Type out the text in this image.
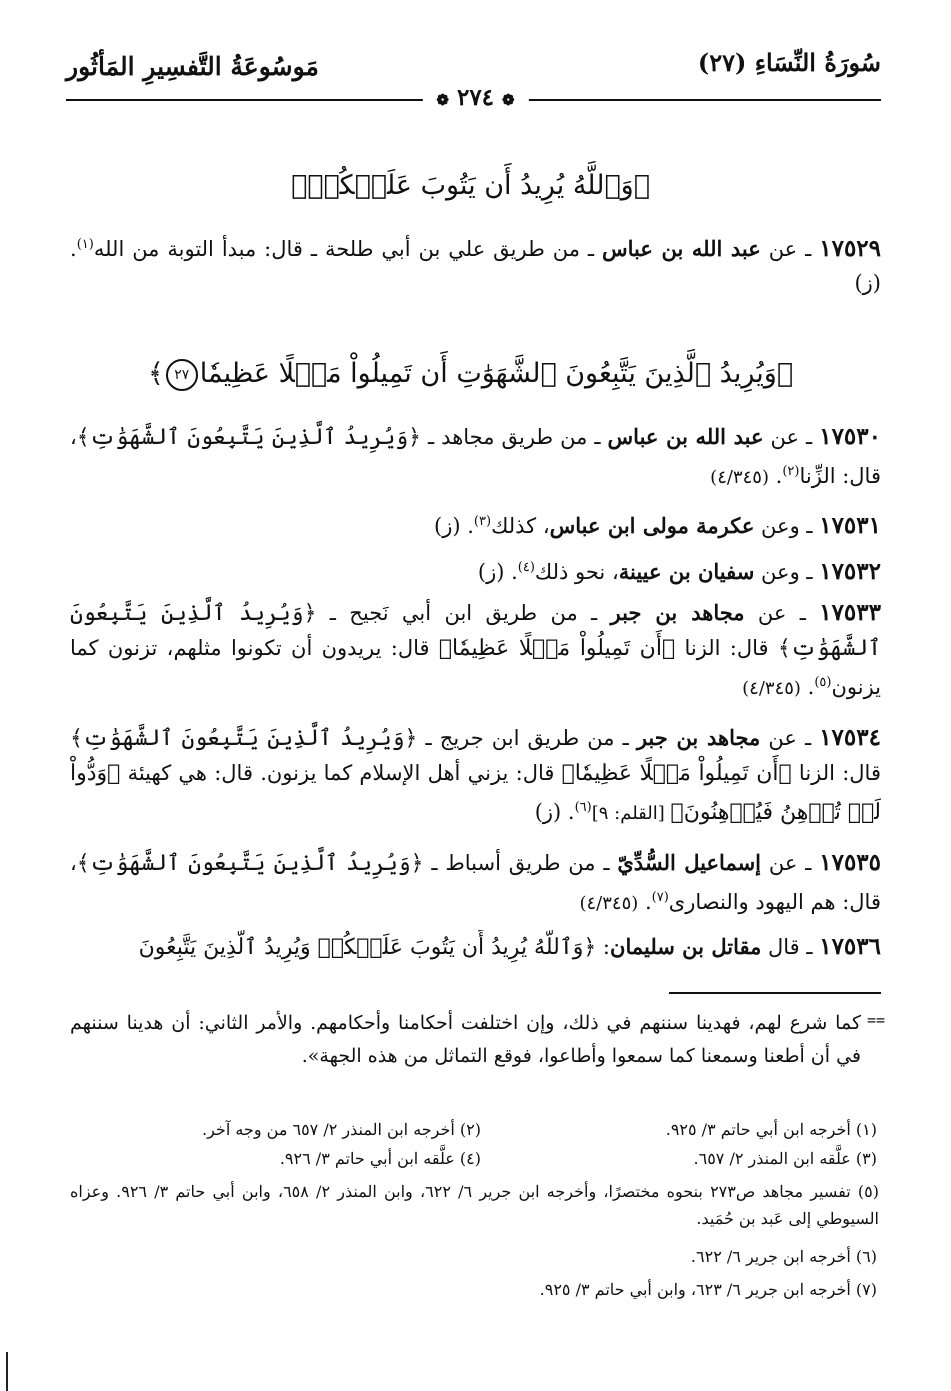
سُورَةُ النِّسَاءِ (٢٧)
مَوسُوعَةُ التَّفسِيرِ المَأثُور
❁ ٢٧٤ ❁
﴿وَٱللَّهُ يُرِيدُ أَن يَتُوبَ عَلَيۡكُمۡ﴾
١٧٥٢٩ ـ عن عبد الله بن عباس ـ من طريق علي بن أبي طلحة ـ قال: مبدأ التوبة من الله$^{(١)}$. (ز)
﴿وَيُرِيدُ ٱلَّذِينَ يَتَّبِعُونَ ٱلشَّهَوَٰتِ أَن تَمِيلُواْ مَيۡلًا عَظِيمٗا٢٧﴾
١٧٥٣٠ ـ عن عبد الله بن عباس ـ من طريق مجاهد ـ ﴿وَيُرِيدُ ٱلَّذِينَ يَتَّبِعُونَ ٱلشَّهَوَٰتِ﴾، قال: الزِّنا$^{(٢)}$. (٤/٣٤٥)
١٧٥٣١ ـ وعن عكرمة مولى ابن عباس، كذلك$^{(٣)}$. (ز)
١٧٥٣٢ ـ وعن سفيان بن عيينة، نحو ذلك$^{(٤)}$. (ز)
١٧٥٣٣ ـ عن مجاهد بن جبر ـ من طريق ابن أبي نَجيح ـ ﴿وَيُرِيدُ ٱلَّذِينَ يَتَّبِعُونَ ٱلشَّهَوَٰتِ﴾ قال: الزنا ﴿أَن تَمِيلُواْ مَيۡلًا عَظِيمٗا﴾ قال: يريدون أن تكونوا مثلهم، تزنون كما يزنون$^{(٥)}$. (٤/٣٤٥)
١٧٥٣٤ ـ عن مجاهد بن جبر ـ من طريق ابن جريج ـ ﴿وَيُرِيدُ ٱلَّذِينَ يَتَّبِعُونَ ٱلشَّهَوَٰتِ﴾ قال: الزنا ﴿أَن تَمِيلُواْ مَيۡلًا عَظِيمٗا﴾ قال: يزني أهل الإسلام كما يزنون. قال: هي كهيئة ﴿وَدُّواْ لَوۡ تُدۡهِنُ فَيُدۡهِنُونَ﴾ [القلم: ٩]$^{(٦)}$. (ز)
١٧٥٣٥ ـ عن إسماعيل السُّدِّيّ ـ من طريق أسباط ـ ﴿وَيُرِيدُ ٱلَّذِينَ يَتَّبِعُونَ ٱلشَّهَوَٰتِ﴾، قال: هم اليهود والنصارى$^{(٧)}$. (٤/٣٤٥)
١٧٥٣٦ ـ قال مقاتل بن سليمان: ﴿وَٱللَّهُ يُرِيدُ أَن يَتُوبَ عَلَيۡكُمۡ وَيُرِيدُ ٱلَّذِينَ يَتَّبِعُونَ
==
كما شرع لهم، فهدينا سننهم في ذلك، وإن اختلفت أحكامنا وأحكامهم. والأمر الثاني: أن هدينا سننهم في أن أطعنا وسمعنا كما سمعوا وأطاعوا، فوقع التماثل من هذه الجهة».
(١) أخرجه ابن أبي حاتم ٣/ ٩٢٥.
(٢) أخرجه ابن المنذر ٢/ ٦٥٧ من وجه آخر.
(٣) علَّقه ابن المنذر ٢/ ٦٥٧.
(٤) علَّقه ابن أبي حاتم ٣/ ٩٢٦.
(٥) تفسير مجاهد ص٢٧٣ بنحوه مختصرًا، وأخرجه ابن جرير ٦/ ٦٢٢، وابن المنذر ٢/ ٦٥٨، وابن أبي حاتم ٣/ ٩٢٦. وعزاه السيوطي إلى عَبد بن حُمَيد.
(٦) أخرجه ابن جرير ٦/ ٦٢٢.
(٧) أخرجه ابن جرير ٦/ ٦٢٣، وابن أبي حاتم ٣/ ٩٢٥.
